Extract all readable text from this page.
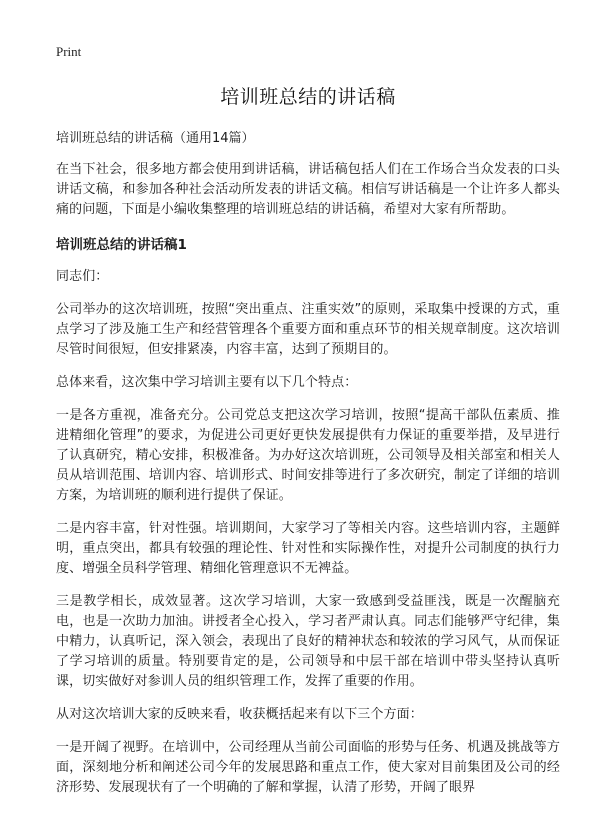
Print
培训班总结的讲话稿
培训班总结的讲话稿（通用14篇）

在当下社会，很多地方都会使用到讲话稿，讲话稿包括人们在工作场合当众发表的口头讲话文稿，和参加各种社会活动所发表的讲话文稿。相信写讲话稿是一个让许多人都头痛的问题，下面是小编收集整理的培训班总结的讲话稿，希望对大家有所帮助。

培训班总结的讲话稿1

同志们：

公司举办的这次培训班，按照“突出重点、注重实效”的原则，采取集中授课的方式，重点学习了涉及施工生产和经营管理各个重要方面和重点环节的相关规章制度。这次培训尽管时间很短，但安排紧凑，内容丰富，达到了预期目的。

总体来看，这次集中学习培训主要有以下几个特点：

一是各方重视，准备充分。公司党总支把这次学习培训，按照“提高干部队伍素质、推进精细化管理”的要求，为促进公司更好更快发展提供有力保证的重要举措，及早进行了认真研究，精心安排，积极准备。为办好这次培训班，公司领导及相关部室和相关人员从培训范围、培训内容、培训形式、时间安排等进行了多次研究，制定了详细的培训方案，为培训班的顺利进行提供了保证。

二是内容丰富，针对性强。培训期间，大家学习了等相关内容。这些培训内容，主题鲜明，重点突出，都具有较强的理论性、针对性和实际操作性，对提升公司制度的执行力度、增强全员科学管理、精细化管理意识不无裨益。

三是教学相长，成效显著。这次学习培训，大家一致感到受益匪浅，既是一次醒脑充电，也是一次助力加油。讲授者全心投入，学习者严肃认真。同志们能够严守纪律，集中精力，认真听记，深入领会，表现出了良好的精神状态和较浓的学习风气，从而保证了学习培训的质量。特别要肯定的是，公司领导和中层干部在培训中带头坚持认真听课，切实做好对参训人员的组织管理工作，发挥了重要的作用。

从对这次培训大家的反映来看，收获概括起来有以下三个方面：

一是开阔了视野。在培训中，公司经理从当前公司面临的形势与任务、机遇及挑战等方面，深刻地分析和阐述公司今年的发展思路和重点工作，使大家对目前集团及公司的经济形势、发展现状有了一个明确的了解和掌握，认清了形势，开阔了眼界
